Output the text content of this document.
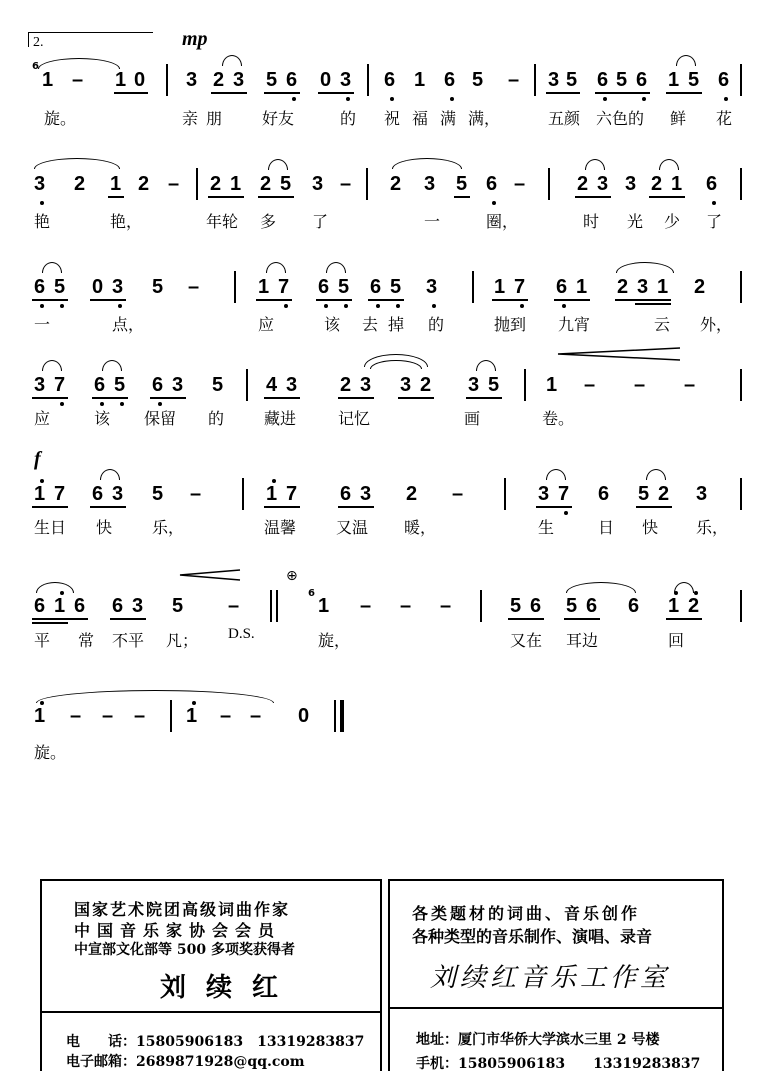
2.	mp
6
1 – 1 0 3 2 3 5 6 0 3 6 1 6 5 – 3 5 6 5 6 1 5 6
旋。	亲朋 好友	的 祝 福 满 满，	五颜 六色的 鲜 花
3 2 1 2 – 2 1 2 5 3 – 2 3 5 6 –	2 3 3 2 1 6
艳	艳，	年轮 多 了	一	圈，	时 光 少 了
6 5 0 3 5 –	1 7 6 5 6 5 3	1 7 6 1 2 3 1 2
一	点，	应	该 去掉 的	抛到 九宵	云 外，
3 7 6 5 6 3 5 4 3 2 3 3 2 3 5 1 – – –
应	该 保留 的 藏进	记忆	画	卷。
f
1 7 6 3 5 –	1 7 6 3 2 –	3 7 6 5 2 3
生日 快 乐，	温馨 又温 暖，	生	日 快 乐，
6 1 6 6 3 5 –
⊕
6
1 – – –	5 6 5 6 6 1 2
平 常 不平 凡； D.S.	旋，	又在 耳边	回
1 – – – 1 – – 0
旋。
国家艺术院团高级词曲作家
中国音乐家协会会员
中宣部文化部等 500 多项奖获得者
刘续红
电　　话：15805906183　13319283837
电子邮箱：2689871928@qq.com
各类题材的词曲、音乐创作
各种类型的音乐制作、演唱、录音
刘续红音乐工作室
地址：厦门市华侨大学滨水三里 2 号楼
手机：15805906183　　13319283837
